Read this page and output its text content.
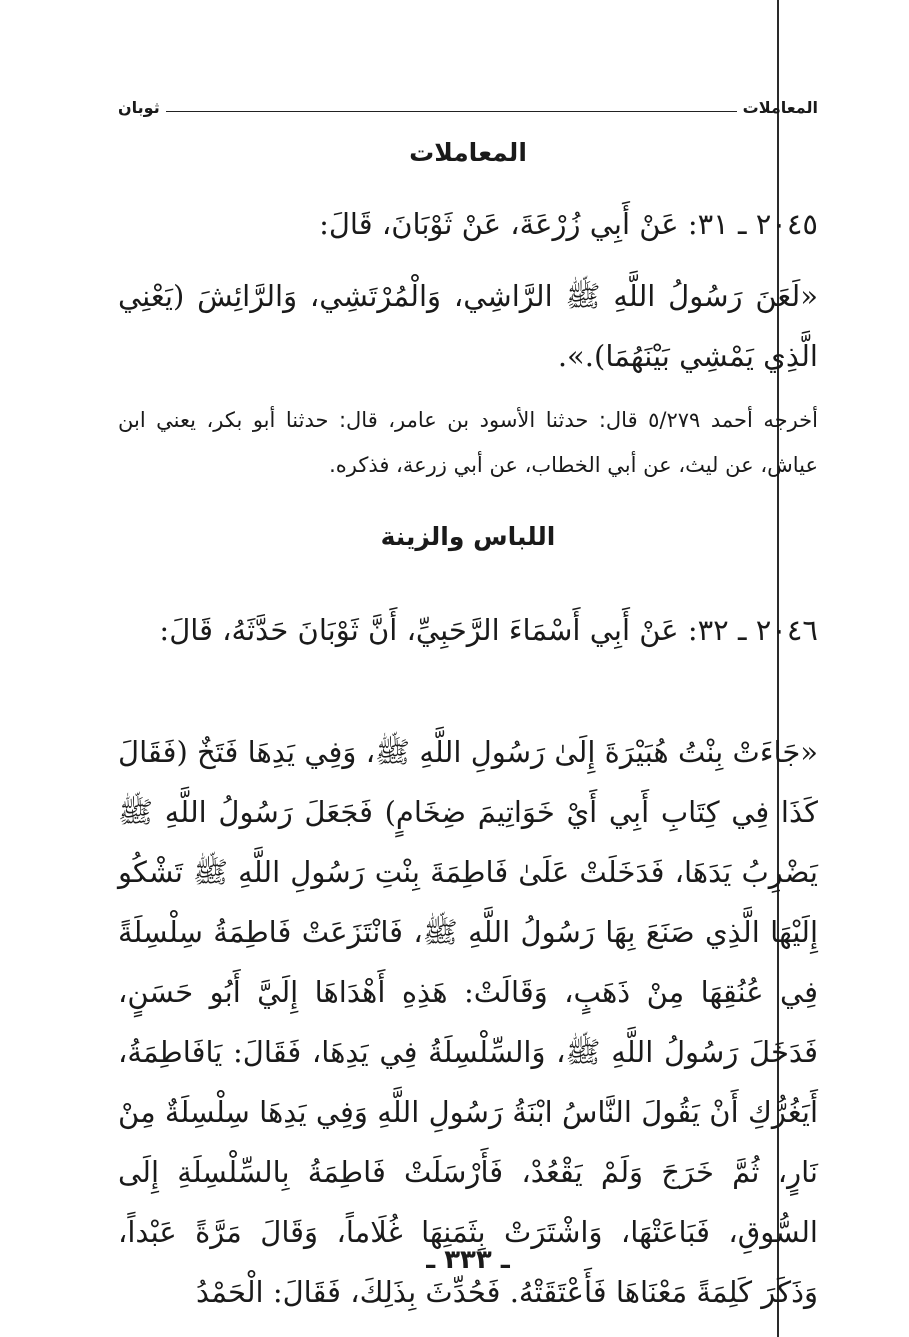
المعاملات
ثوبان
المعاملات
٢٠٤٥ ـ ٣١: عَنْ أَبِي زُرْعَةَ، عَنْ ثَوْبَانَ، قَالَ:
«لَعَنَ رَسُولُ اللَّهِ ﷺ الرَّاشِي، وَالْمُرْتَشِي، وَالرَّائِشَ (يَعْنِي الَّذِي يَمْشِي بَيْنَهُمَا).».
أخرجه أحمد ٥/٢٧٩ قال: حدثنا الأسود بن عامر، قال: حدثنا أبو بكر، يعني ابن عياش، عن ليث، عن أبي الخطاب، عن أبي زرعة، فذكره.
اللباس والزينة
٢٠٤٦ ـ ٣٢: عَنْ أَبِي أَسْمَاءَ الرَّحَبِيِّ، أَنَّ ثَوْبَانَ حَدَّثَهُ، قَالَ:
«جَاءَتْ بِنْتُ هُبَيْرَةَ إِلَىٰ رَسُولِ اللَّهِ ﷺ، وَفِي يَدِهَا فَتَخٌ (فَقَالَ كَذَا فِي كِتَابِ أَبِي أَيْ خَوَاتِيمَ ضِخَامٍ) فَجَعَلَ رَسُولُ اللَّهِ ﷺ يَضْرِبُ يَدَهَا، فَدَخَلَتْ عَلَىٰ فَاطِمَةَ بِنْتِ رَسُولِ اللَّهِ ﷺ تَشْكُو إِلَيْهَا الَّذِي صَنَعَ بِهَا رَسُولُ اللَّهِ ﷺ، فَانْتَزَعَتْ فَاطِمَةُ سِلْسِلَةً فِي عُنُقِهَا مِنْ ذَهَبٍ، وَقَالَتْ: هَذِهِ أَهْدَاهَا إِلَيَّ أَبُو حَسَنٍ، فَدَخَلَ رَسُولُ اللَّهِ ﷺ، وَالسِّلْسِلَةُ فِي يَدِهَا، فَقَالَ: يَافَاطِمَةُ، أَيَغُرُّكِ أَنْ يَقُولَ النَّاسُ ابْنَةُ رَسُولِ اللَّهِ وَفِي يَدِهَا سِلْسِلَةٌ مِنْ نَارٍ، ثُمَّ خَرَجَ وَلَمْ يَقْعُدْ، فَأَرْسَلَتْ فَاطِمَةُ بِالسِّلْسِلَةِ إِلَى السُّوقِ، فَبَاعَتْهَا، وَاشْتَرَتْ بِثَمَنِهَا غُلَاماً، وَقَالَ مَرَّةً عَبْداً، وَذَكَرَ كَلِمَةً مَعْنَاهَا فَأَعْتَقَتْهُ. فَحُدِّثَ بِذَلِكَ، فَقَالَ: الْحَمْدُ
ـ ٣٣٣ ـ
